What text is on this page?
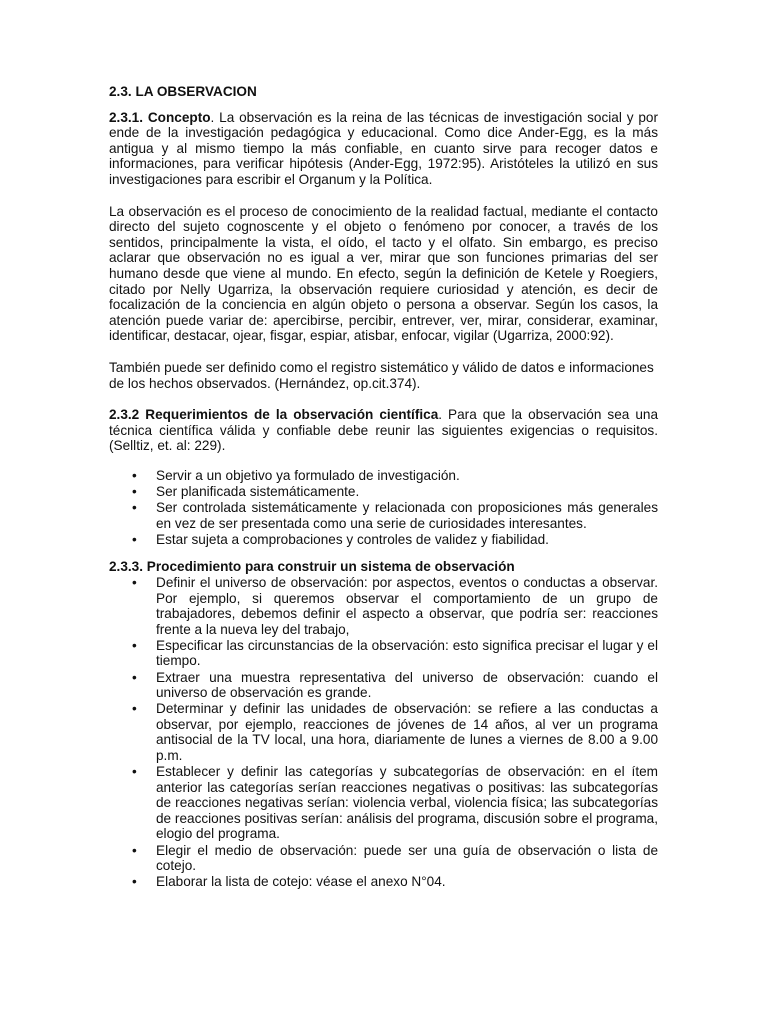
2.3. LA OBSERVACION

2.3.1. Concepto. La observación es la reina de las técnicas de investigación social y por ende de la investigación pedagógica y educacional. Como dice Ander-Egg, es la más antigua y al mismo tiempo la más confiable, en cuanto sirve para recoger datos e informaciones, para verificar hipótesis (Ander-Egg, 1972:95). Aristóteles la utilizó en sus investigaciones para escribir el Organum y la Política.

La observación es el proceso de conocimiento de la realidad factual, mediante el contacto directo del sujeto cognoscente y el objeto o fenómeno por conocer, a través de los sentidos, principalmente la vista, el oído, el tacto y el olfato. Sin embargo, es preciso aclarar que observación no es igual a ver, mirar que son funciones primarias del ser humano desde que viene al mundo. En efecto, según la definición de Ketele y Roegiers, citado por Nelly Ugarriza, la observación requiere curiosidad y atención, es decir de focalización de la conciencia en algún objeto o persona a observar. Según los casos, la atención puede variar de: apercibirse, percibir, entrever, ver, mirar, considerar, examinar, identificar, destacar, ojear, fisgar, espiar, atisbar, enfocar, vigilar (Ugarriza, 2000:92).

También puede ser definido como el registro sistemático y válido de datos e informaciones de los hechos observados. (Hernández, op.cit.374).

2.3.2 Requerimientos de la observación científica. Para que la observación sea una técnica científica válida y confiable debe reunir las siguientes exigencias o requisitos. (Selltiz, et. al: 229).

• Servir a un objetivo ya formulado de investigación.
• Ser planificada sistemáticamente.
• Ser controlada sistemáticamente y relacionada con proposiciones más generales en vez de ser presentada como una serie de curiosidades interesantes.
• Estar sujeta a comprobaciones y controles de validez y fiabilidad.
2.3.3. Procedimiento para construir un sistema de observación
• Definir el universo de observación: por aspectos, eventos o conductas a observar. Por ejemplo, si queremos observar el comportamiento de un grupo de trabajadores, debemos definir el aspecto a observar, que podría ser: reacciones frente a la nueva ley del trabajo,
• Especificar las circunstancias de la observación: esto significa precisar el lugar y el tiempo.
• Extraer una muestra representativa del universo de observación: cuando el universo de observación es grande.
• Determinar y definir las unidades de observación: se refiere a las conductas a observar, por ejemplo, reacciones de jóvenes de 14 años, al ver un programa antisocial de la TV local, una hora, diariamente de lunes a viernes de 8.00 a 9.00 p.m.
• Establecer y definir las categorías y subcategorías de observación: en el ítem anterior las categorías serían reacciones negativas o positivas: las subcategorías de reacciones negativas serían: violencia verbal, violencia física; las subcategorías de reacciones positivas serían: análisis del programa, discusión sobre el programa, elogio del programa.
• Elegir el medio de observación: puede ser una guía de observación o lista de cotejo.
• Elaborar la lista de cotejo: véase el anexo N°04.
